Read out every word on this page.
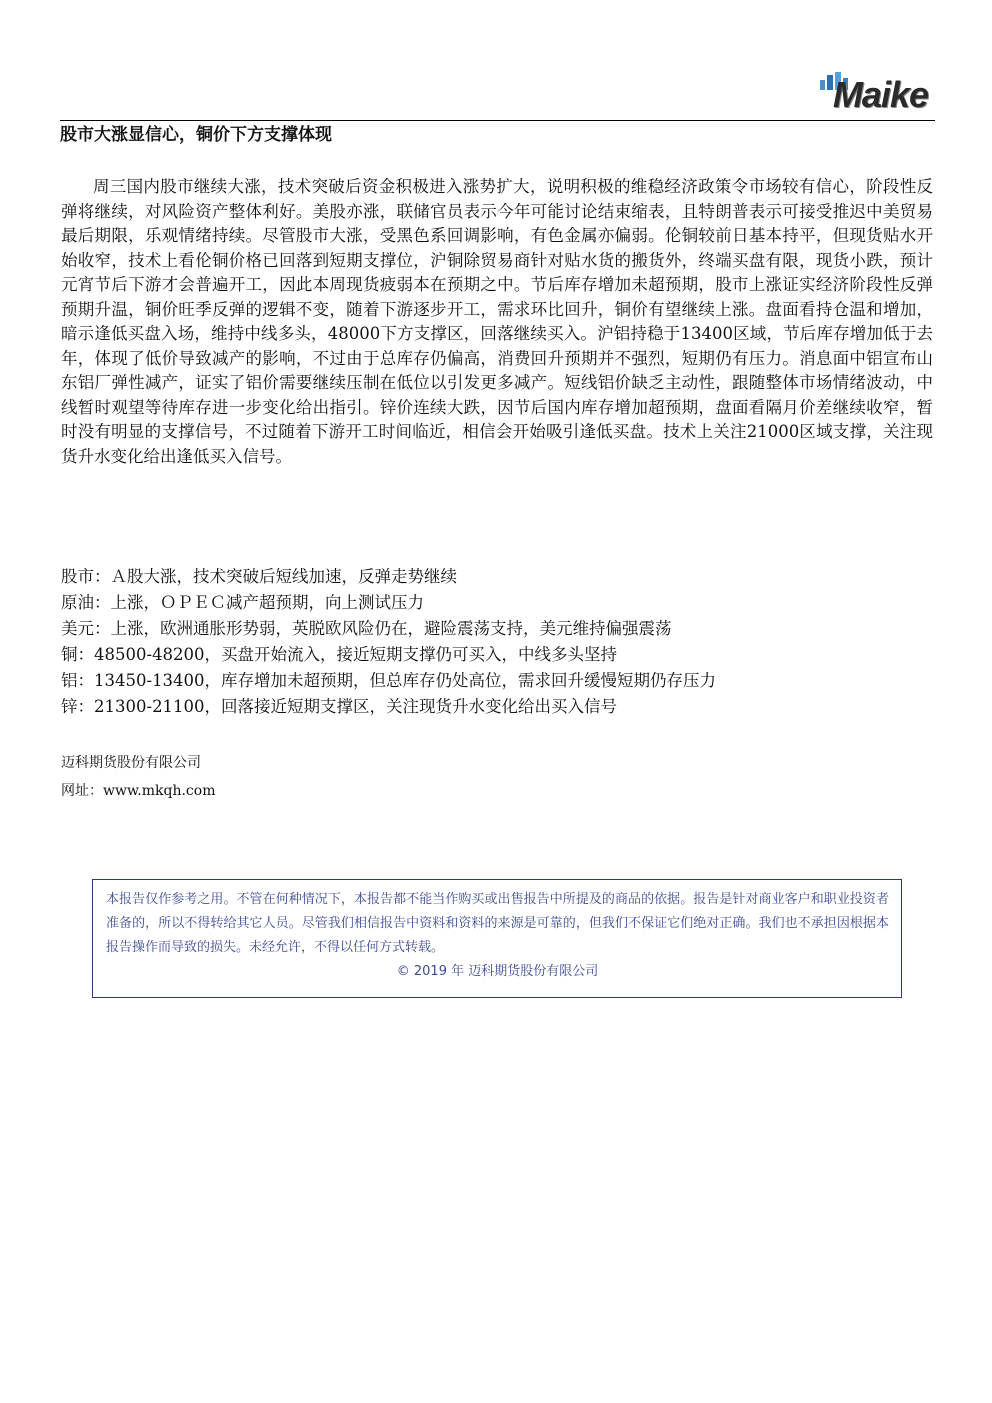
Maike
股市大涨显信心，铜价下方支撑体现

周三国内股市继续大涨，技术突破后资金积极进入涨势扩大，说明积极的维稳经济政策令市场较有信心，阶段性反弹将继续，对风险资产整体利好。美股亦涨，联储官员表示今年可能讨论结束缩表，且特朗普表示可接受推迟中美贸易最后期限，乐观情绪持续。尽管股市大涨，受黑色系回调影响，有色金属亦偏弱。伦铜较前日基本持平，但现货贴水开始收窄，技术上看伦铜价格已回落到短期支撑位，沪铜除贸易商针对贴水货的搬货外，终端买盘有限，现货小跌，预计元宵节后下游才会普遍开工，因此本周现货疲弱本在预期之中。节后库存增加未超预期，股市上涨证实经济阶段性反弹预期升温，铜价旺季反弹的逻辑不变，随着下游逐步开工，需求环比回升，铜价有望继续上涨。盘面看持仓温和增加，暗示逢低买盘入场，维持中线多头，48000下方支撑区，回落继续买入。沪铝持稳于13400区域，节后库存增加低于去年，体现了低价导致减产的影响，不过由于总库存仍偏高，消费回升预期并不强烈，短期仍有压力。消息面中铝宣布山东铝厂弹性减产，证实了铝价需要继续压制在低位以引发更多减产。短线铝价缺乏主动性，跟随整体市场情绪波动，中线暂时观望等待库存进一步变化给出指引。锌价连续大跌，因节后国内库存增加超预期，盘面看隔月价差继续收窄，暂时没有明显的支撑信号，不过随着下游开工时间临近，相信会开始吸引逢低买盘。技术上关注21000区域支撑，关注现货升水变化给出逢低买入信号。

股市：Ａ股大涨，技术突破后短线加速，反弹走势继续
原油：上涨，ＯＰＥＣ减产超预期，向上测试压力
美元：上涨，欧洲通胀形势弱，英脱欧风险仍在，避险震荡支持，美元维持偏强震荡
铜：48500-48200，买盘开始流入，接近短期支撑仍可买入，中线多头坚持
铝：13450-13400，库存增加未超预期，但总库存仍处高位，需求回升缓慢短期仍存压力
锌：21300-21100，回落接近短期支撑区，关注现货升水变化给出买入信号
迈科期货股份有限公司
网址：www.mkqh.com

本报告仅作参考之用。不管在何种情况下，本报告都不能当作购买或出售报告中所提及的商品的依据。报告是针对商业客户和职业投资者准备的，所以不得转给其它人员。尽管我们相信报告中资料和资料的来源是可靠的，但我们不保证它们绝对正确。我们也不承担因根据本报告操作而导致的损失。未经允许，不得以任何方式转载。

© 2019 年 迈科期货股份有限公司
